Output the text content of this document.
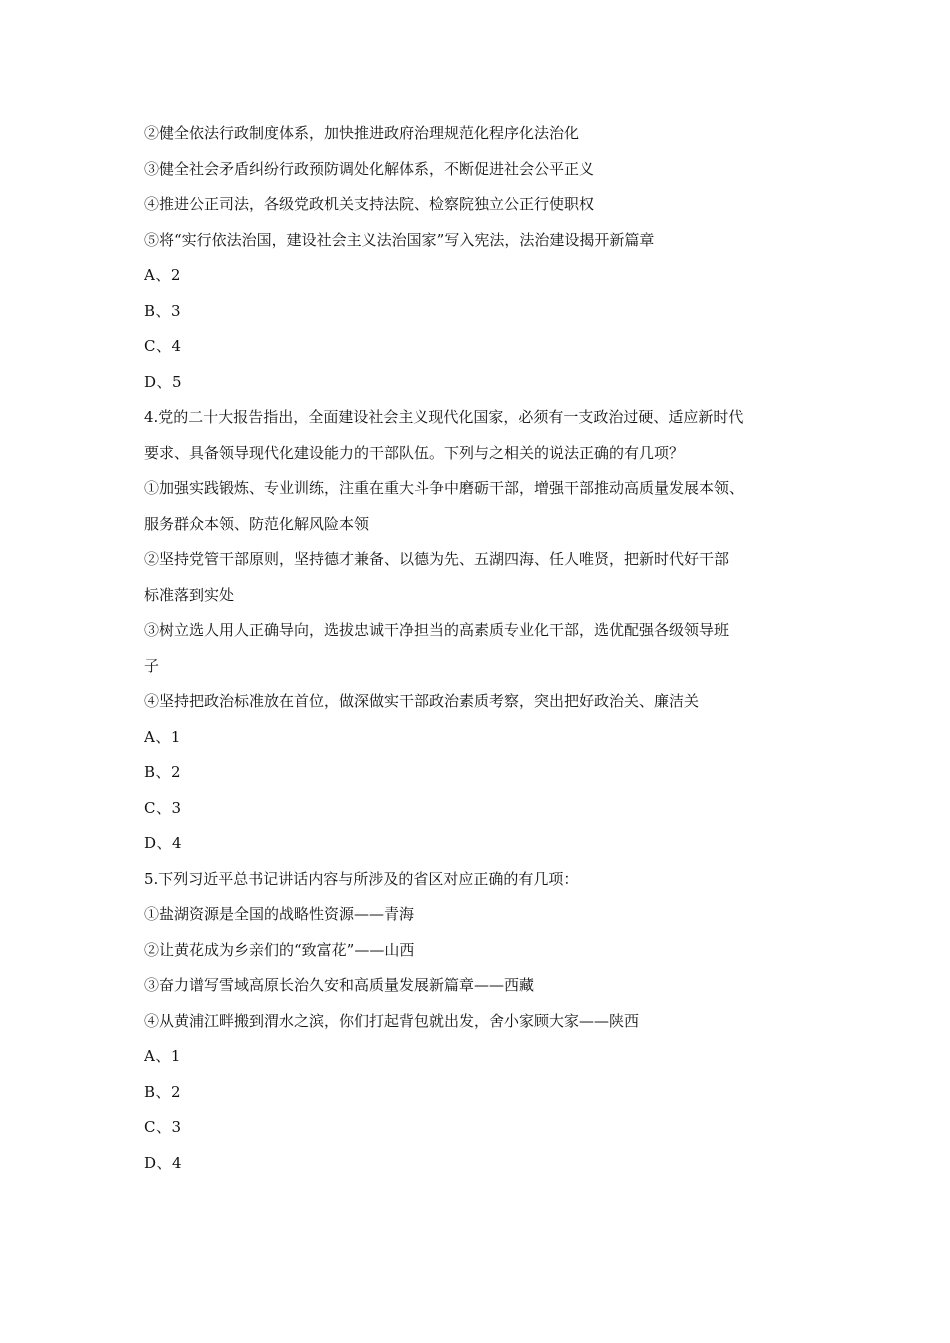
②健全依法行政制度体系，加快推进政府治理规范化程序化法治化
③健全社会矛盾纠纷行政预防调处化解体系，不断促进社会公平正义
④推进公正司法，各级党政机关支持法院、检察院独立公正行使职权
⑤将“实行依法治国，建设社会主义法治国家”写入宪法，法治建设揭开新篇章
A、2
B、3
C、4
D、5
4.党的二十大报告指出，全面建设社会主义现代化国家，必须有一支政治过硬、适应新时代
要求、具备领导现代化建设能力的干部队伍。下列与之相关的说法正确的有几项？
①加强实践锻炼、专业训练，注重在重大斗争中磨砺干部，增强干部推动高质量发展本领、
服务群众本领、防范化解风险本领
②坚持党管干部原则，坚持德才兼备、以德为先、五湖四海、任人唯贤，把新时代好干部
标准落到实处
③树立选人用人正确导向，选拔忠诚干净担当的高素质专业化干部，选优配强各级领导班
子
④坚持把政治标准放在首位，做深做实干部政治素质考察，突出把好政治关、廉洁关
A、1
B、2
C、3
D、4
5.下列习近平总书记讲话内容与所涉及的省区对应正确的有几项：
①盐湖资源是全国的战略性资源——青海
②让黄花成为乡亲们的“致富花”——山西
③奋力谱写雪域高原长治久安和高质量发展新篇章——西藏
④从黄浦江畔搬到渭水之滨，你们打起背包就出发，舍小家顾大家——陕西
A、1
B、2
C、3
D、4
